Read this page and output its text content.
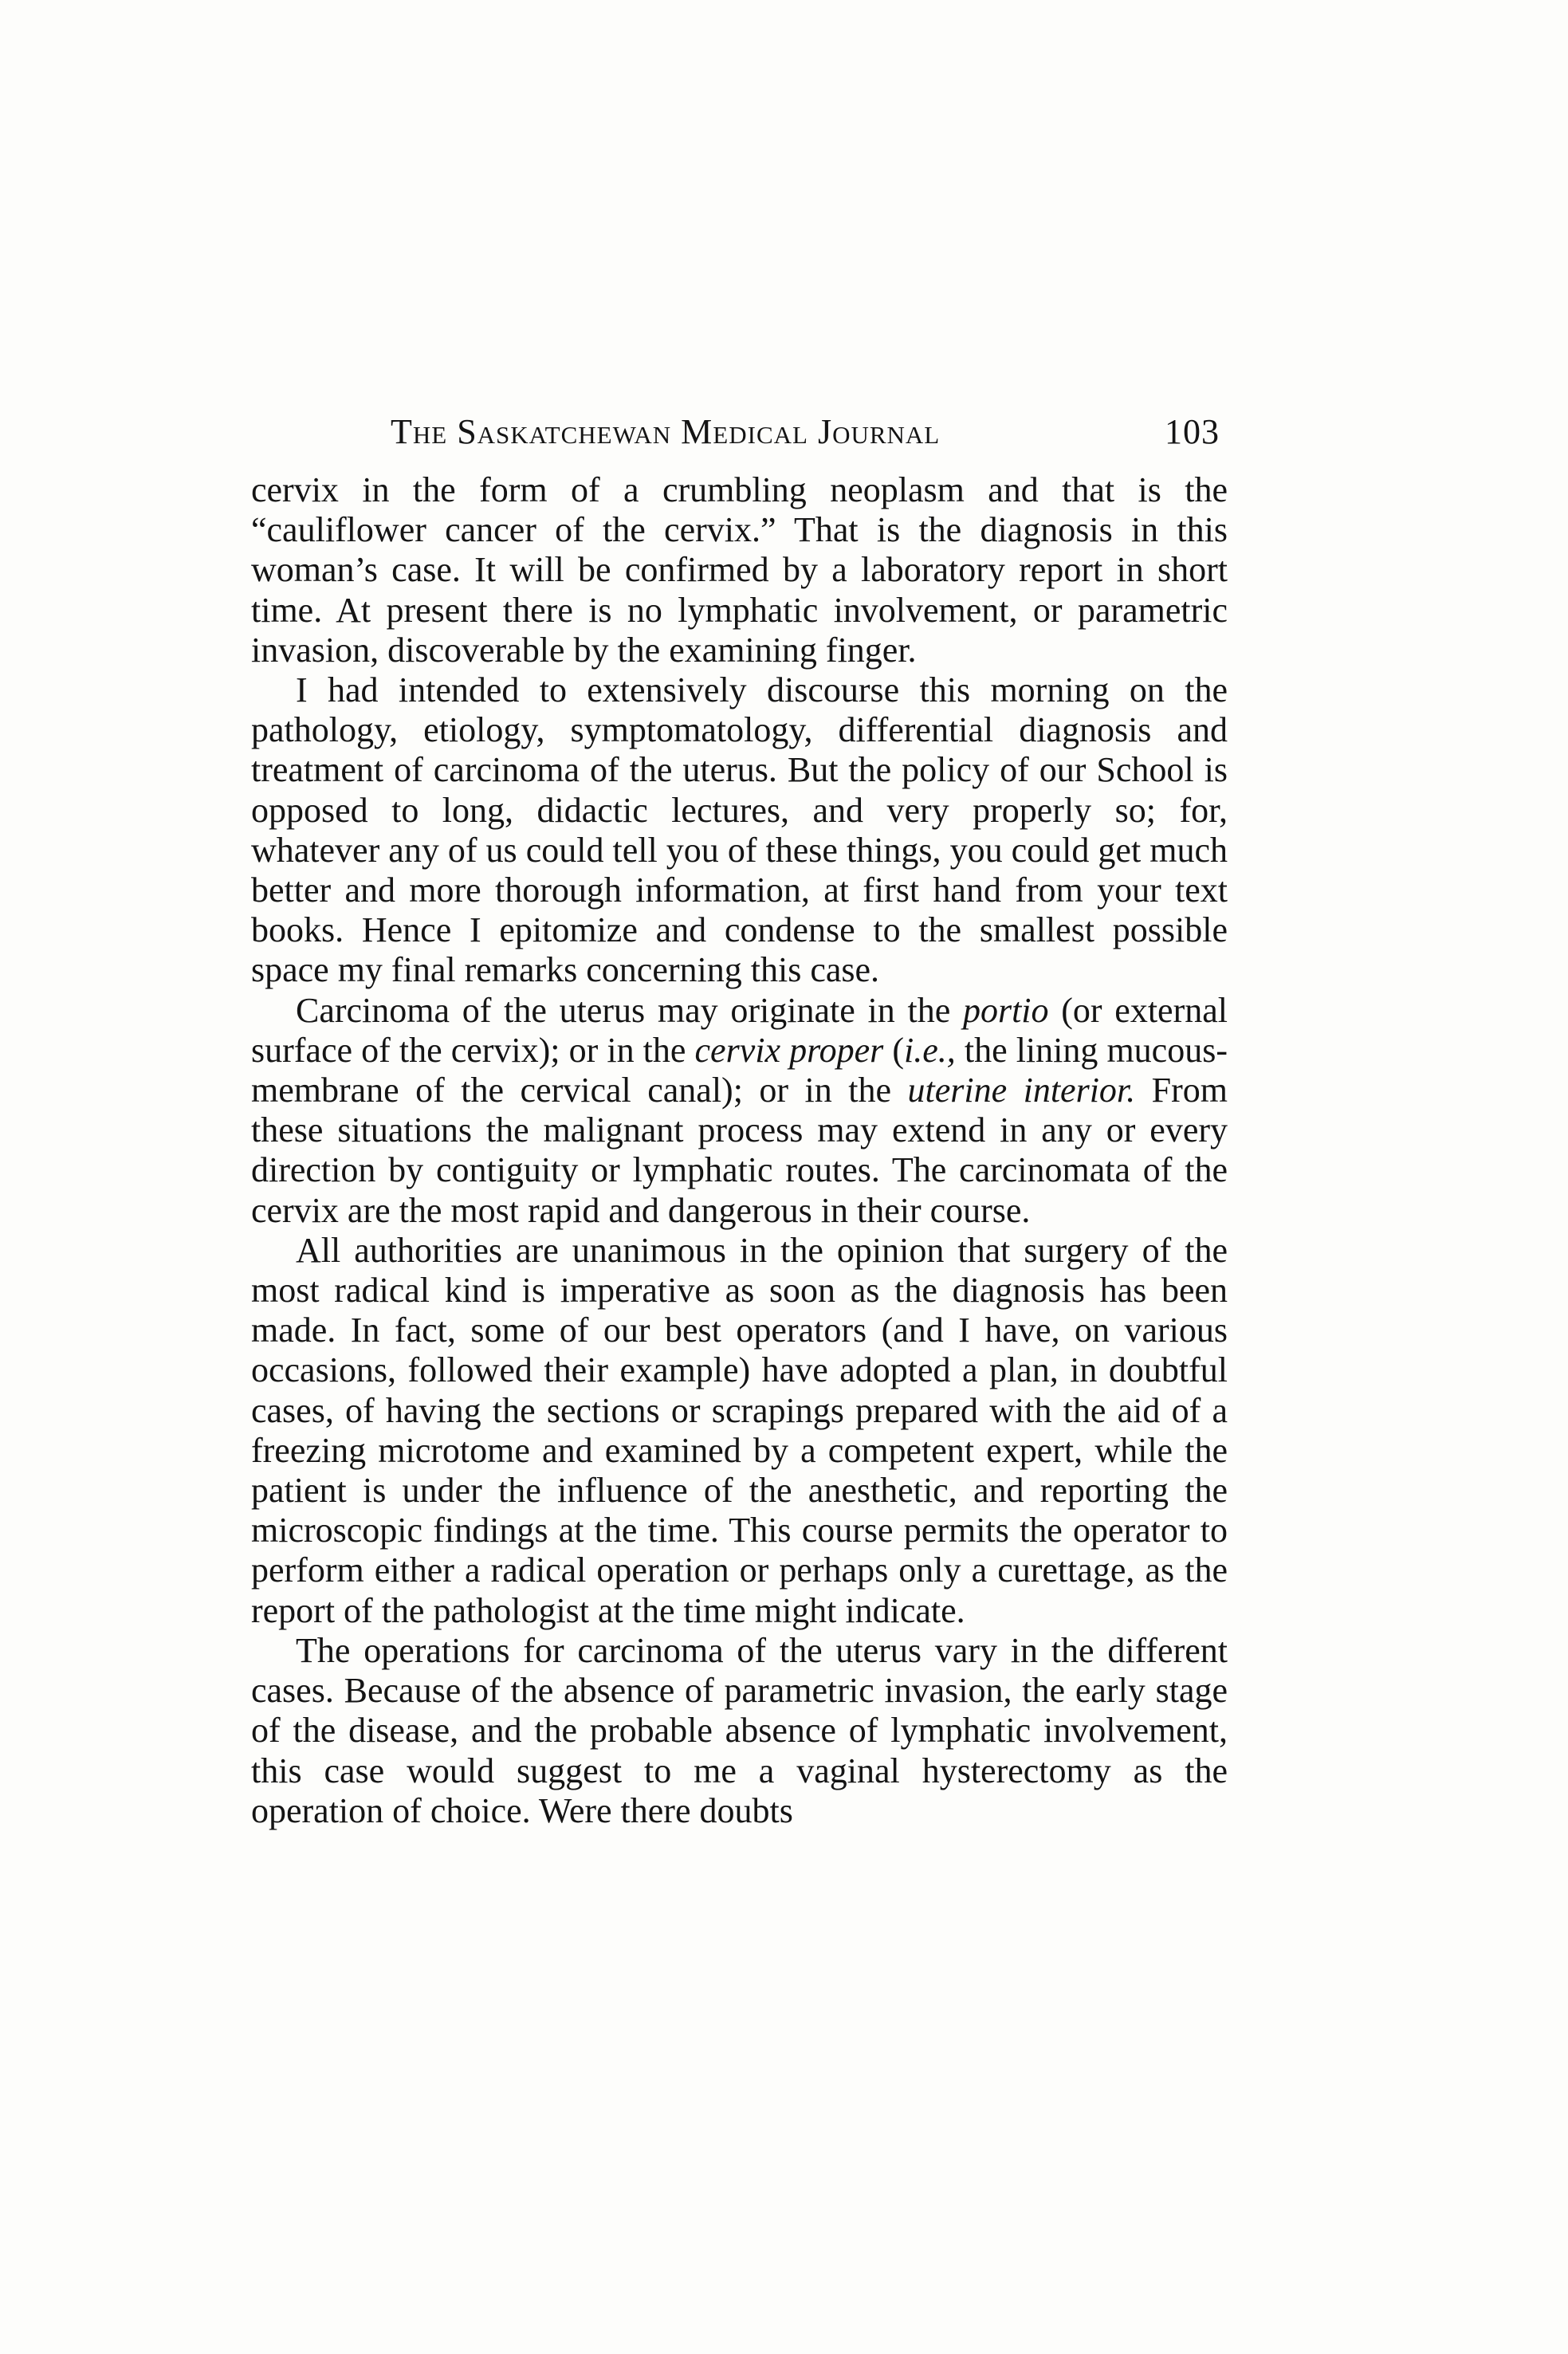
The Saskatchewan Medical Journal	103

cervix in the form of a crumbling neoplasm and that is the “cauliflower cancer of the cervix.” That is the diagnosis in this woman’s case. It will be confirmed by a laboratory report in short time. At present there is no lymphatic involvement, or parametric invasion, discoverable by the examining finger.

I had intended to extensively discourse this morning on the pathology, etiology, symptomatology, differential diagnosis and treatment of carcinoma of the uterus. But the policy of our School is opposed to long, didactic lectures, and very properly so; for, whatever any of us could tell you of these things, you could get much better and more thorough information, at first hand from your text books. Hence I epitomize and condense to the smallest possible space my final remarks concerning this case.

Carcinoma of the uterus may originate in the portio (or external surface of the cervix); or in the cervix proper (i.e., the lining mucous-membrane of the cervical canal); or in the uterine interior. From these situations the malignant process may extend in any or every direction by contiguity or lymphatic routes. The carcinomata of the cervix are the most rapid and dangerous in their course.

All authorities are unanimous in the opinion that surgery of the most radical kind is imperative as soon as the diagnosis has been made. In fact, some of our best operators (and I have, on various occasions, followed their example) have adopted a plan, in doubtful cases, of having the sections or scrapings prepared with the aid of a freezing microtome and examined by a competent expert, while the patient is under the influence of the anesthetic, and reporting the microscopic findings at the time. This course permits the operator to perform either a radical operation or perhaps only a curettage, as the report of the pathologist at the time might indicate.

The operations for carcinoma of the uterus vary in the different cases. Because of the absence of parametric invasion, the early stage of the disease, and the probable absence of lymphatic involvement, this case would suggest to me a vaginal hysterectomy as the operation of choice. Were there doubts
